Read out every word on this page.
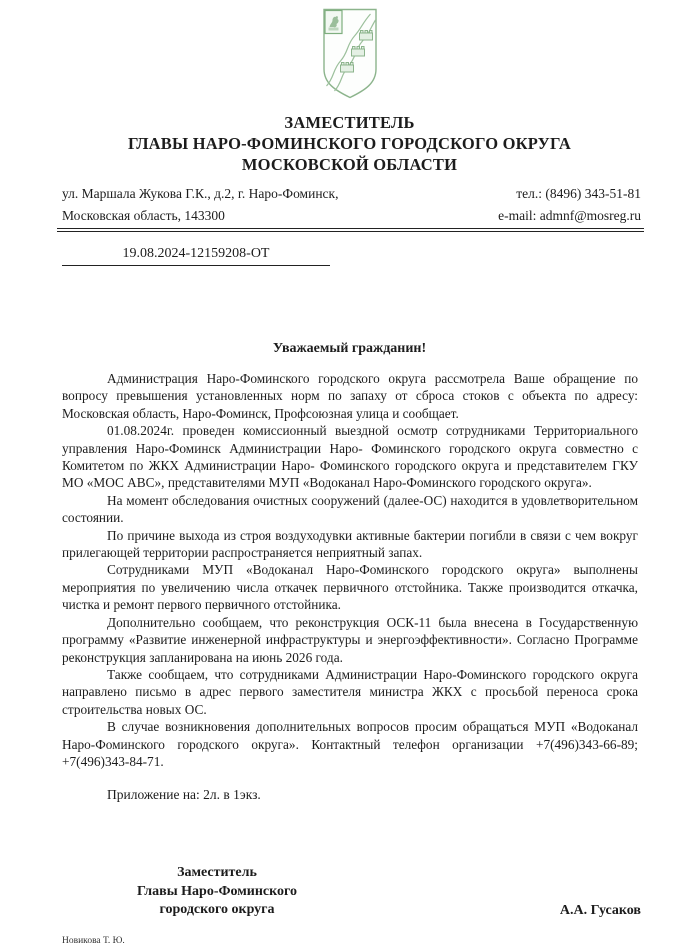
ЗАМЕСТИТЕЛЬ
ГЛАВЫ НАРО-ФОМИНСКОГО ГОРОДСКОГО ОКРУГА
МОСКОВСКОЙ ОБЛАСТИ
ул. Маршала Жукова Г.К., д.2, г. Наро-Фоминск,
Московская область, 143300
тел.: (8496) 343-51-81
e-mail: admnf@mosreg.ru
19.08.2024-12159208-ОТ
Уважаемый гражданин!

Администрация Наро-Фоминского городского округа рассмотрела Ваше обращение по вопросу превышения установленных норм по запаху от сброса стоков с объекта по адресу: Московская область, Наро-Фоминск, Профсоюзная улица и сообщает.

01.08.2024г. проведен комиссионный выездной осмотр сотрудниками Территориального управления Наро-Фоминск Администрации Наро- Фоминского городского округа совместно с Комитетом по ЖКХ Администрации Наро- Фоминского городского округа и представителем ГКУ МО «МОС АВС», представителями МУП «Водоканал Наро-Фоминского городского округа».

На момент обследования очистных сооружений (далее-ОС) находится в удовлетворительном состоянии.

По причине выхода из строя воздуходувки активные бактерии погибли в связи с чем вокруг прилегающей территории распространяется неприятный запах.

Сотрудниками МУП «Водоканал Наро-Фоминского городского округа» выполнены мероприятия по увеличению числа откачек первичного отстойника. Также производится откачка, чистка и ремонт первого первичного отстойника.

Дополнительно сообщаем, что реконструкция ОСК-11 была внесена в Государственную программу «Развитие инженерной инфраструктуры и энергоэффективности». Согласно Программе реконструкция запланирована на июнь 2026 года.

Также сообщаем, что сотрудниками Администрации Наро-Фоминского городского округа направлено письмо в адрес первого заместителя министра ЖКХ с просьбой переноса срока строительства новых ОС.

В случае возникновения дополнительных вопросов просим обращаться МУП «Водоканал Наро-Фоминского городского округа». Контактный телефон организации +7(496)343-66-89; +7(496)343-84-71.

Приложение на: 2л. в 1экз.
Заместитель
Главы Наро-Фоминского
городского округа	А.А. Гусаков
Новикова Т. Ю.
